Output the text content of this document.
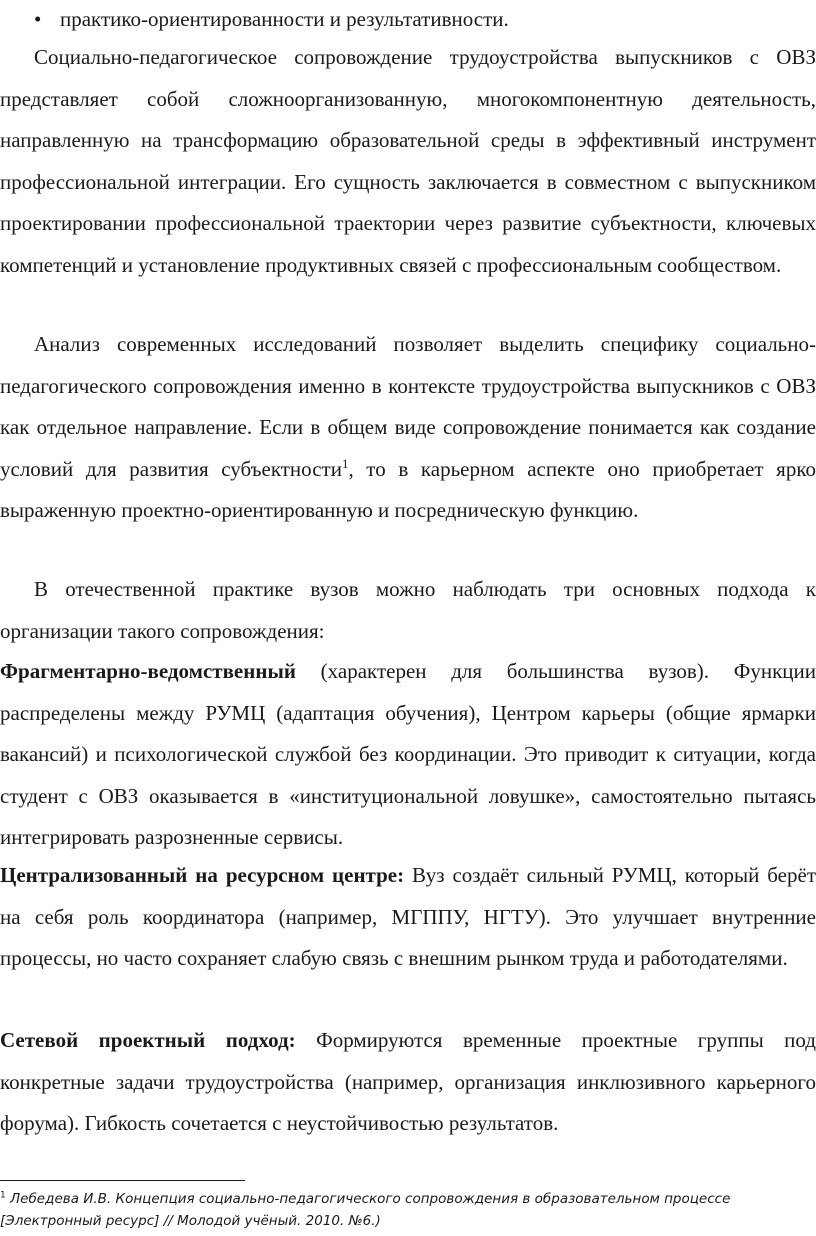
• практико-ориентированности и результативности.

Социально-педагогическое сопровождение трудоустройства выпускников с ОВЗ представляет собой сложноорганизованную, многокомпонентную деятельность, направленную на трансформацию образовательной среды в эффективный инструмент профессиональной интеграции. Его сущность заключается в совместном с выпускником проектировании профессиональной траектории через развитие субъектности, ключевых компетенций и установление продуктивных связей с профессиональным сообществом.

Анализ современных исследований позволяет выделить специфику социально-педагогического сопровождения именно в контексте трудоустройства выпускников с ОВЗ как отдельное направление. Если в общем виде сопровождение понимается как создание условий для развития субъектности$^1$, то в карьерном аспекте оно приобретает ярко выраженную проектно-ориентированную и посредническую функцию.

В отечественной практике вузов можно наблюдать три основных подхода к организации такого сопровождения:

Фрагментарно-ведомственный (характерен для большинства вузов). Функции распределены между РУМЦ (адаптация обучения), Центром карьеры (общие ярмарки вакансий) и психологической службой без координации. Это приводит к ситуации, когда студент с ОВЗ оказывается в «институциональной ловушке», самостоятельно пытаясь интегрировать разрозненные сервисы.

Централизованный на ресурсном центре: Вуз создаёт сильный РУМЦ, который берёт на себя роль координатора (например, МГППУ, НГТУ). Это улучшает внутренние процессы, но часто сохраняет слабую связь с внешним рынком труда и работодателями.

Сетевой проектный подход: Формируются временные проектные группы под конкретные задачи трудоустройства (например, организация инклюзивного карьерного форума). Гибкость сочетается с неустойчивостью результатов.

$^1$ Лебедева И.В. Концепция социально-педагогического сопровождения в образовательном процессе [Электронный ресурс] // Молодой учёный. 2010. №6.)
